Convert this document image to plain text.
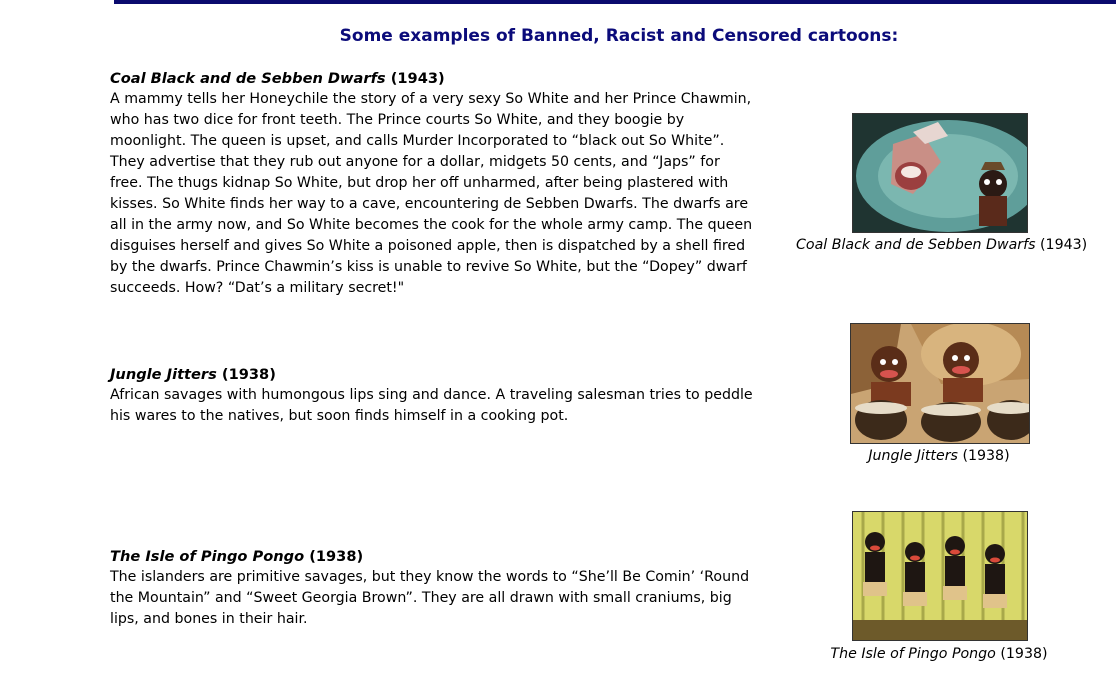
Some examples of Banned, Racist and Censored cartoons:
Coal Black and de Sebben Dwarfs (1943)

A mammy tells her Honeychile the story of a very sexy So White and her Prince Chawmin, who has two dice for front teeth. The Prince courts So White, and they boogie by moonlight. The queen is upset, and calls Murder Incorporated to “black out So White”. They advertise that they rub out anyone for a dollar, midgets 50 cents, and “Japs” for free. The thugs kidnap So White, but drop her off unharmed, after being plastered with kisses. So White finds her way to a cave, encountering de Sebben Dwarfs. The dwarfs are all in the army now, and So White becomes the cook for the whole army camp. The queen disguises herself and gives So White a poisoned apple, then is dispatched by a shell fired by the dwarfs. Prince Chawmin’s kiss is unable to revive So White, but the “Dopey” dwarf succeeds. How? “Dat’s a military secret!"

Coal Black and de Sebben Dwarfs (1943)
Jungle Jitters (1938)

African savages with humongous lips sing and dance. A traveling salesman tries to peddle his wares to the natives, but soon finds himself in a cooking pot.

Jungle Jitters (1938)
The Isle of Pingo Pongo (1938)

The islanders are primitive savages, but they know the words to “She’ll Be Comin’ ‘Round the Mountain” and “Sweet Georgia Brown”. They are all drawn with small craniums, big lips, and bones in their hair.

The Isle of Pingo Pongo (1938)
